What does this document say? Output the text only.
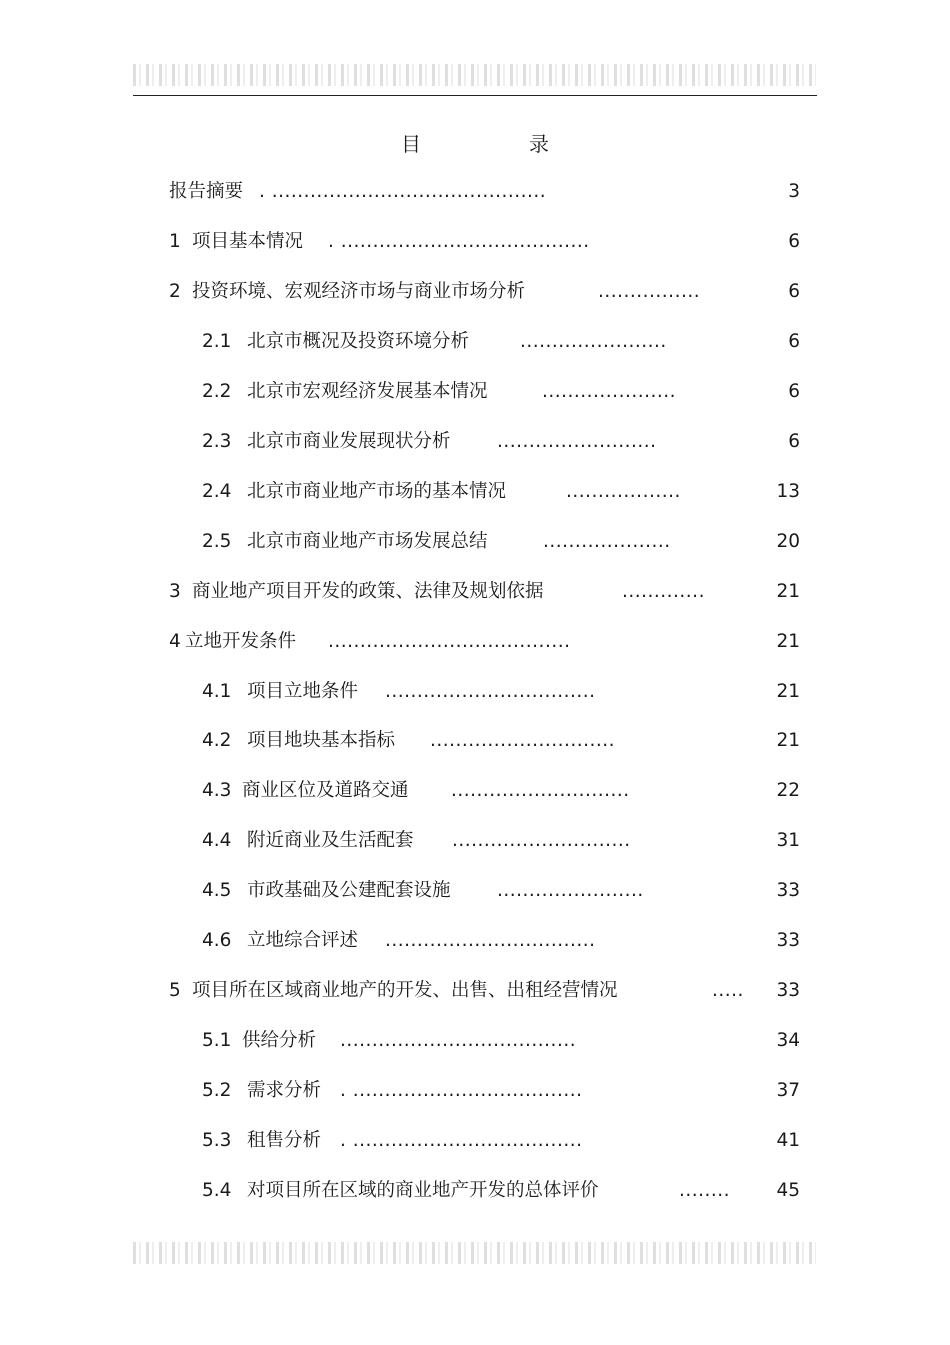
目　录
报告摘要 . ...........................................	3
1 项目基本情况 . .......................................	6
2 投资环境、宏观经济市场与商业市场分析	................	6
2.1 北京市概况及投资环境分析	.......................	6
2.2 北京市宏观经济发展基本情况	.....................	6
2.3 北京市商业发展现状分析	.........................	6
2.4 北京市商业地产市场的基本情况	..................	13
2.5 北京市商业地产市场发展总结	....................	20
3 商业地产项目开发的政策、法律及规划依据	.............	21
4 立地开发条件 ......................................	21
4.1 项目立地条件 .................................	21
4.2 项目地块基本指标 .............................	21
4.3 商业区位及道路交通 ............................	22
4.4 附近商业及生活配套 ............................	31
4.5 市政基础及公建配套设施	.......................	33
4.6 立地综合评述 .................................	33
5 项目所在区域商业地产的开发、出售、出租经营情况	..... 33
5.1 供给分析 .....................................	34
5.2 需求分析 . ....................................	37
5.3 租售分析 . ....................................	41
5.4 对项目所在区域的商业地产开发的总体评价	........	45
